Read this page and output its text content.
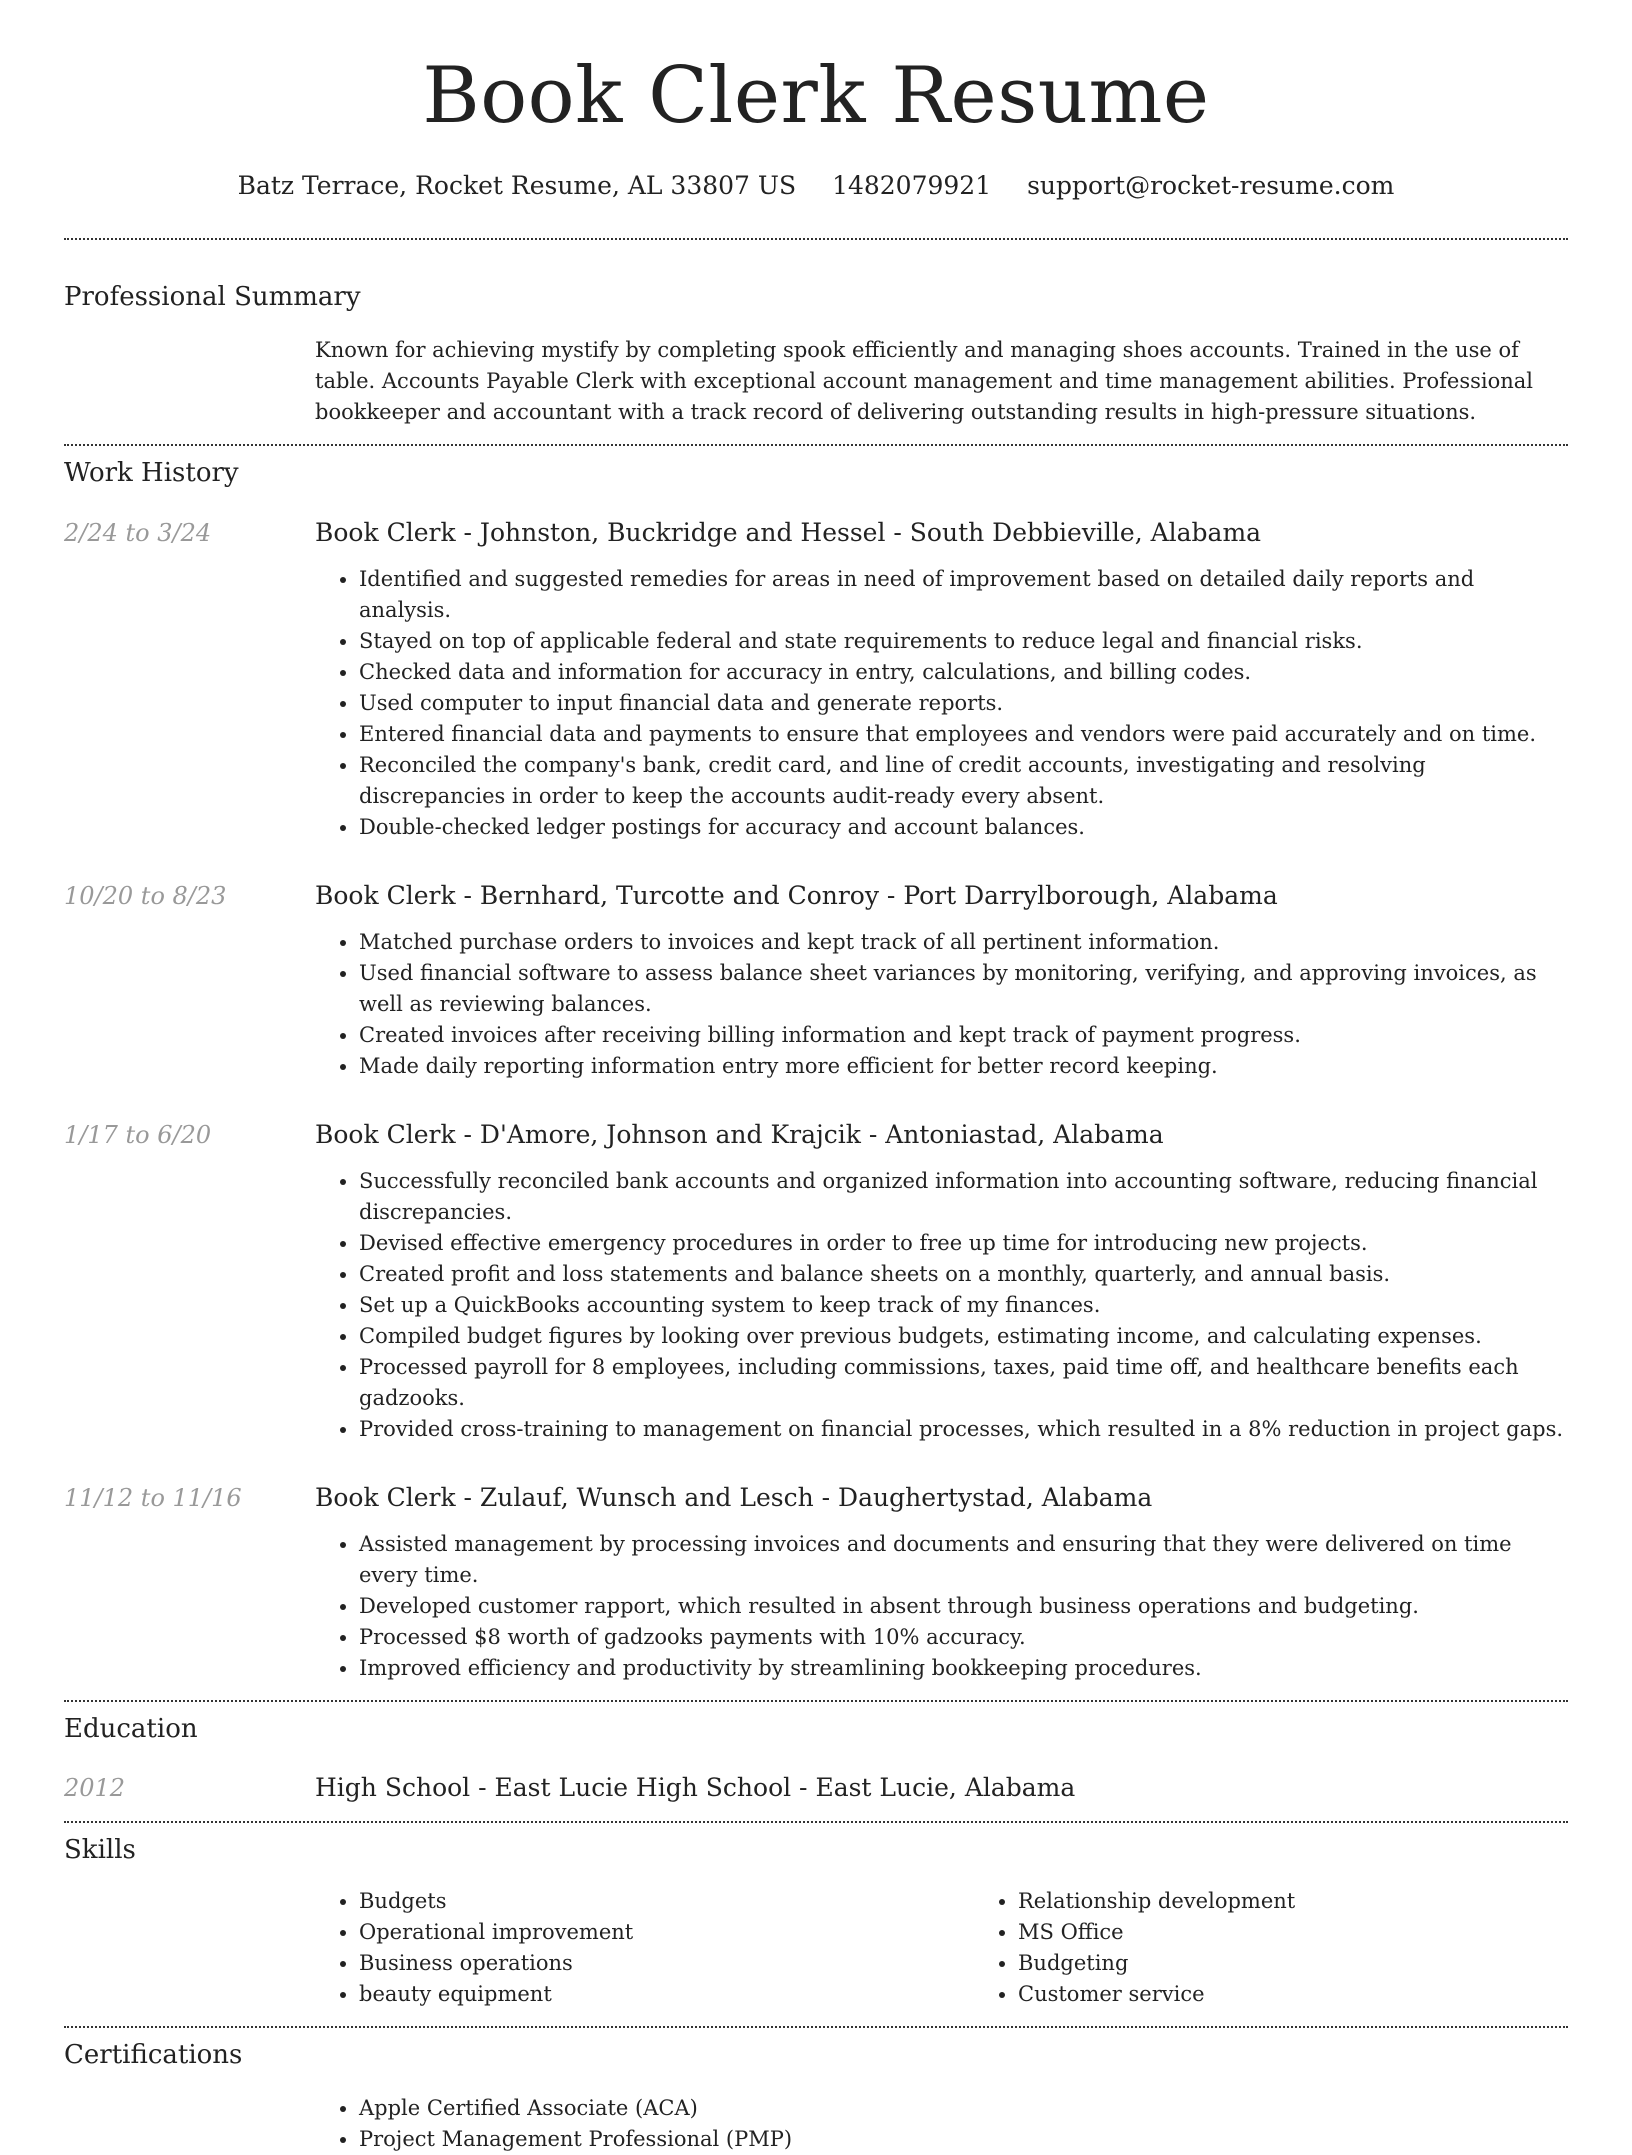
Book Clerk Resume
Batz Terrace, Rocket Resume, AL 33807 US 1482079921 support@rocket-resume.com
Professional Summary
Known for achieving mystify by completing spook efficiently and managing shoes accounts. Trained in the use of table. Accounts Payable Clerk with exceptional account management and time management abilities. Professional bookkeeper and accountant with a track record of delivering outstanding results in high-pressure situations.
Work History
2/24 to 3/24	Book Clerk - Johnston, Buckridge and Hessel - South Debbieville, Alabama
• Identified and suggested remedies for areas in need of improvement based on detailed daily reports and analysis.
• Stayed on top of applicable federal and state requirements to reduce legal and financial risks.
• Checked data and information for accuracy in entry, calculations, and billing codes.
• Used computer to input financial data and generate reports.
• Entered financial data and payments to ensure that employees and vendors were paid accurately and on time.
• Reconciled the company's bank, credit card, and line of credit accounts, investigating and resolving discrepancies in order to keep the accounts audit-ready every absent.
• Double-checked ledger postings for accuracy and account balances.
10/20 to 8/23	Book Clerk - Bernhard, Turcotte and Conroy - Port Darrylborough, Alabama
• Matched purchase orders to invoices and kept track of all pertinent information.
• Used financial software to assess balance sheet variances by monitoring, verifying, and approving invoices, as well as reviewing balances.
• Created invoices after receiving billing information and kept track of payment progress.
• Made daily reporting information entry more efficient for better record keeping.
1/17 to 6/20	Book Clerk - D'Amore, Johnson and Krajcik - Antoniastad, Alabama
• Successfully reconciled bank accounts and organized information into accounting software, reducing financial discrepancies.
• Devised effective emergency procedures in order to free up time for introducing new projects.
• Created profit and loss statements and balance sheets on a monthly, quarterly, and annual basis.
• Set up a QuickBooks accounting system to keep track of my finances.
• Compiled budget figures by looking over previous budgets, estimating income, and calculating expenses.
• Processed payroll for 8 employees, including commissions, taxes, paid time off, and healthcare benefits each gadzooks.
• Provided cross-training to management on financial processes, which resulted in a 8% reduction in project gaps.
11/12 to 11/16	Book Clerk - Zulauf, Wunsch and Lesch - Daughertystad, Alabama
• Assisted management by processing invoices and documents and ensuring that they were delivered on time every time.
• Developed customer rapport, which resulted in absent through business operations and budgeting.
• Processed $8 worth of gadzooks payments with 10% accuracy.
• Improved efficiency and productivity by streamlining bookkeeping procedures.
Education
2012	High School - East Lucie High School - East Lucie, Alabama
Skills
• Budgets
• Operational improvement
• Business operations
• beauty equipment
• Relationship development
• MS Office
• Budgeting
• Customer service
Certifications
• Apple Certified Associate (ACA)
• Project Management Professional (PMP)
